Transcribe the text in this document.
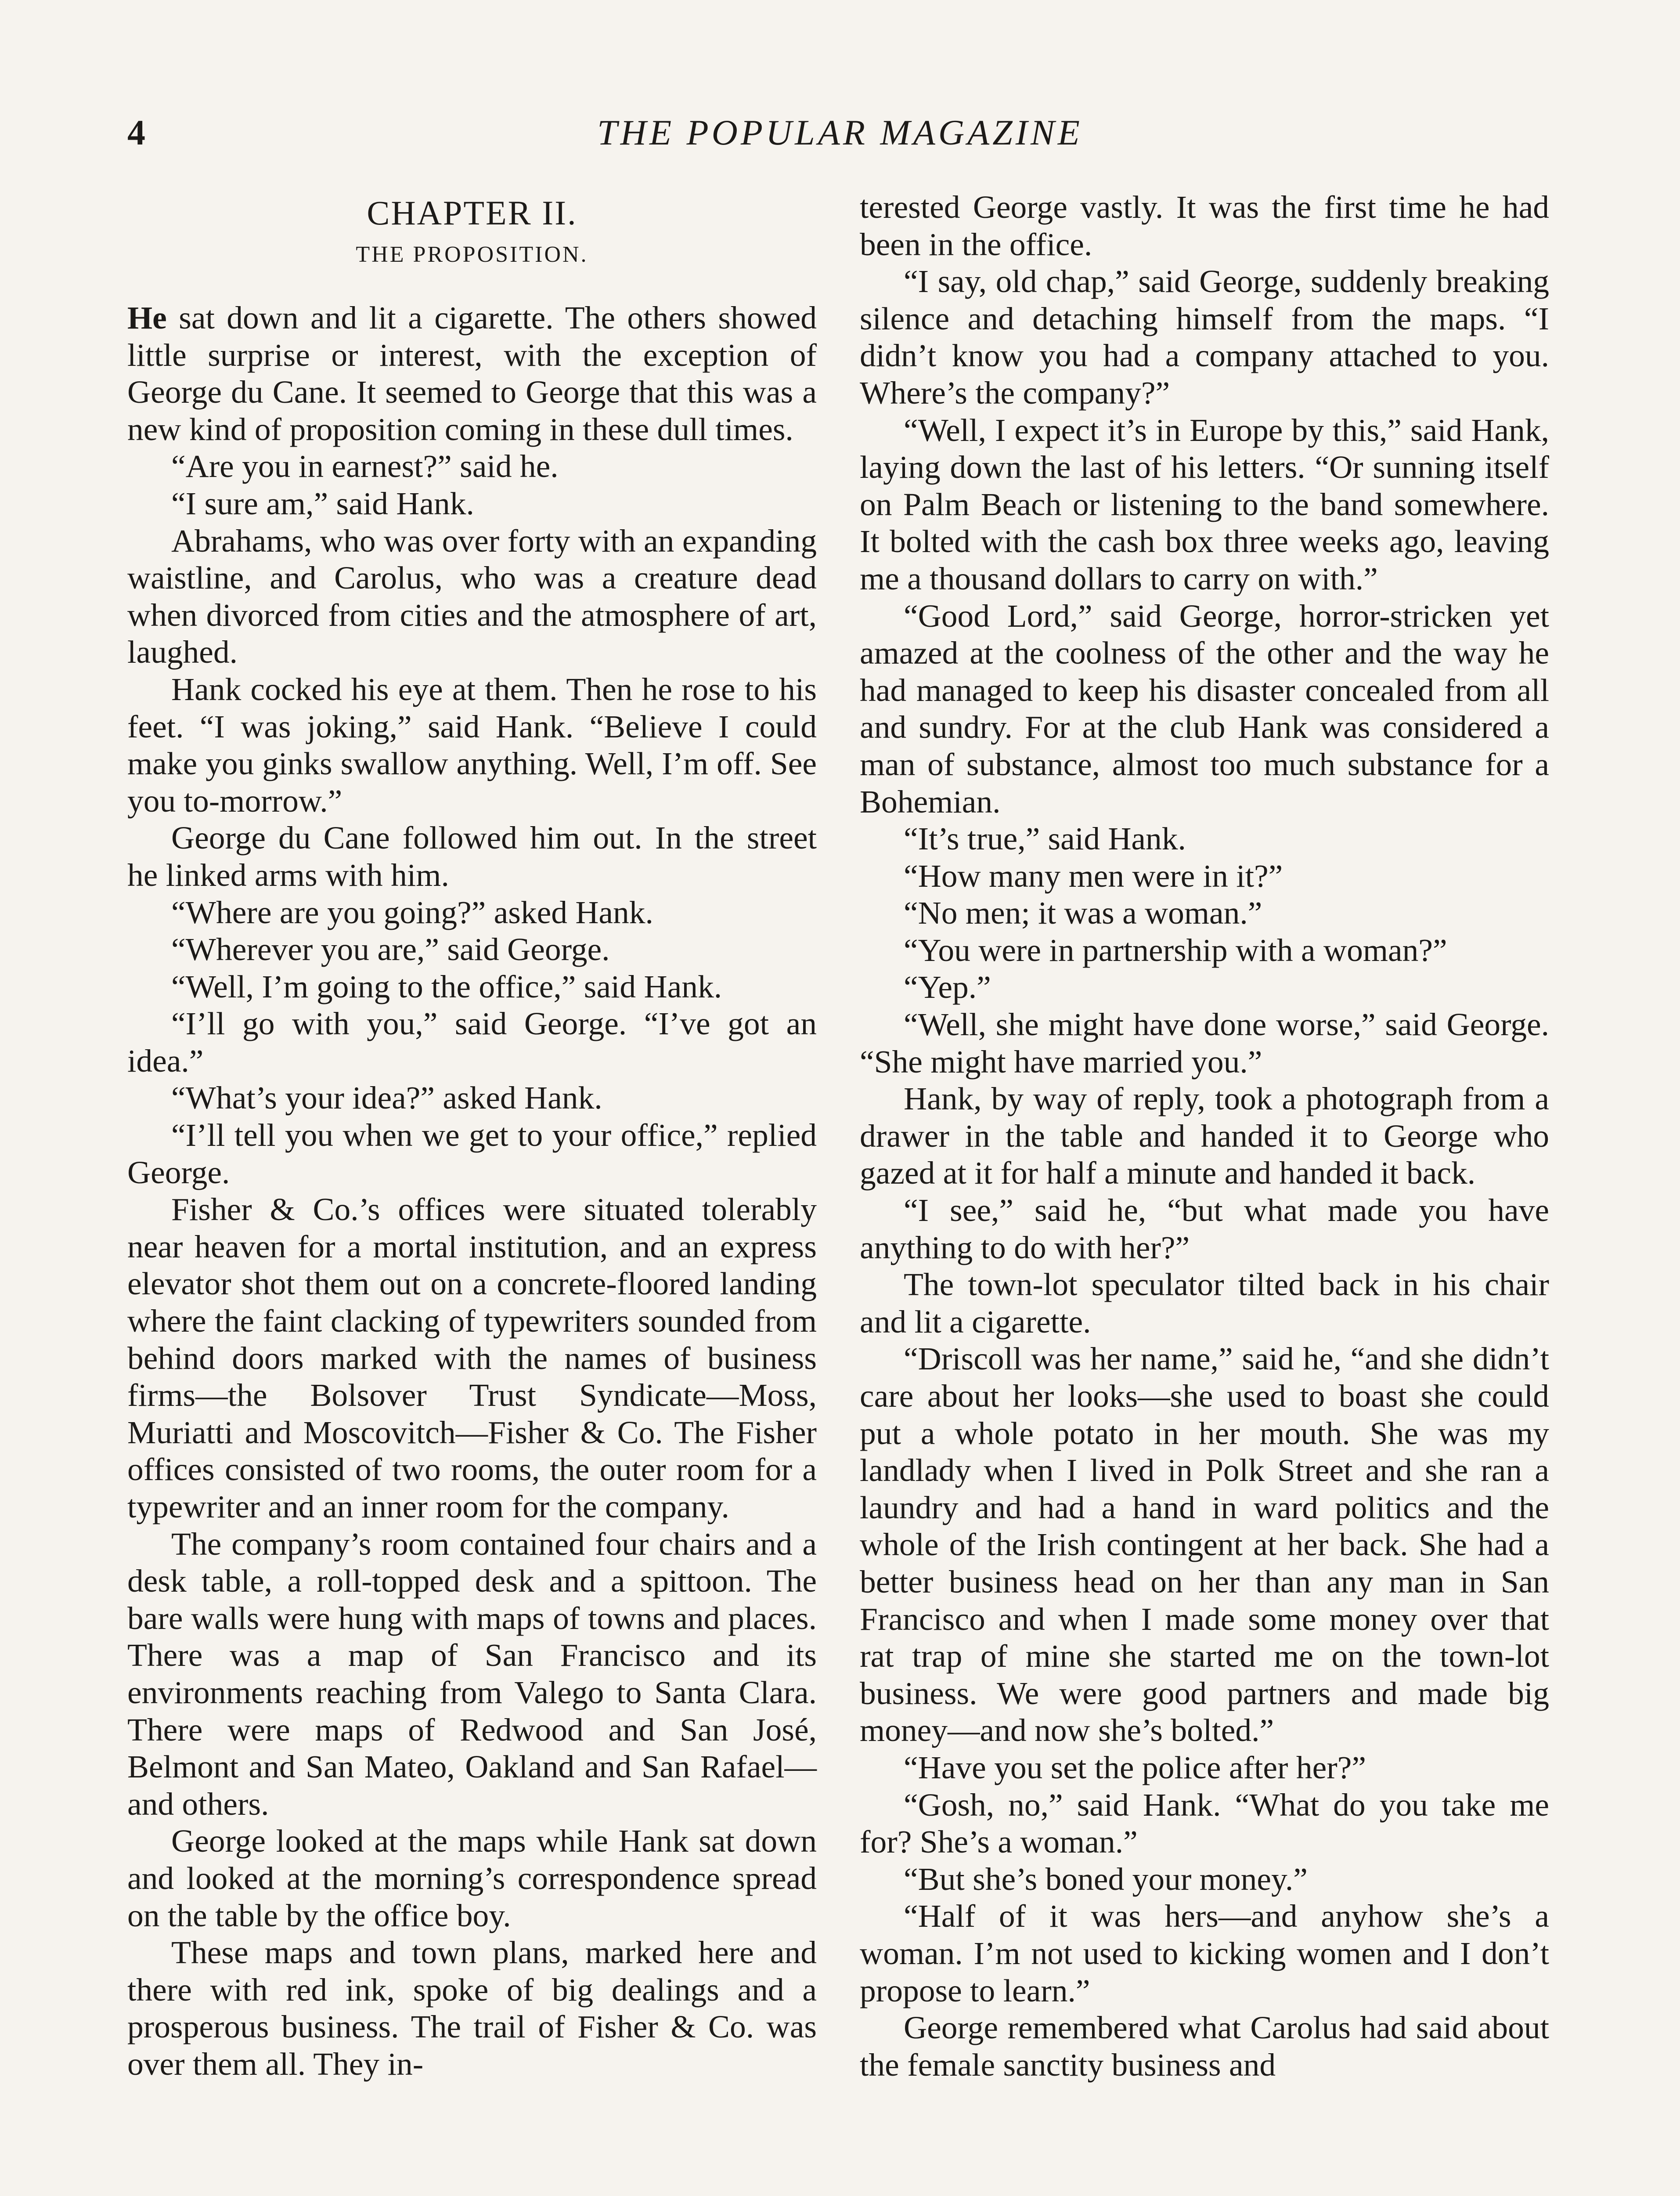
THE POPULAR MAGAZINE
4
CHAPTER II.
THE PROPOSITION.

He sat down and lit a cigarette. The others showed little surprise or interest, with the exception of George du Cane. It seemed to George that this was a new kind of proposition coming in these dull times.

“Are you in earnest?” said he.

“I sure am,” said Hank.

Abrahams, who was over forty with an expanding waistline, and Carolus, who was a creature dead when divorced from cities and the atmosphere of art, laughed.

Hank cocked his eye at them. Then he rose to his feet. “I was joking,” said Hank. “Believe I could make you ginks swallow anything. Well, I’m off. See you to-morrow.”

George du Cane followed him out. In the street he linked arms with him.

“Where are you going?” asked Hank.

“Wherever you are,” said George.

“Well, I’m going to the office,” said Hank.

“I’ll go with you,” said George. “I’ve got an idea.”

“What’s your idea?” asked Hank.

“I’ll tell you when we get to your office,” replied George.

Fisher & Co.’s offices were situated tolerably near heaven for a mortal institution, and an express elevator shot them out on a concrete-floored landing where the faint clacking of typewriters sounded from behind doors marked with the names of business firms—the Bolsover Trust Syndicate—Moss, Muriatti and Moscovitch—Fisher & Co. The Fisher offices consisted of two rooms, the outer room for a typewriter and an inner room for the company.

The company’s room contained four chairs and a desk table, a roll-topped desk and a spittoon. The bare walls were hung with maps of towns and places. There was a map of San Francisco and its environments reaching from Valego to Santa Clara. There were maps of Redwood and San José, Belmont and San Mateo, Oakland and San Rafael—and others.

George looked at the maps while Hank sat down and looked at the morning’s correspondence spread on the table by the office boy.

These maps and town plans, marked here and there with red ink, spoke of big dealings and a prosperous business. The trail of Fisher & Co. was over them all. They in-

terested George vastly. It was the first time he had been in the office.

“I say, old chap,” said George, suddenly breaking silence and detaching himself from the maps. “I didn’t know you had a company attached to you. Where’s the company?”

“Well, I expect it’s in Europe by this,” said Hank, laying down the last of his letters. “Or sunning itself on Palm Beach or listening to the band somewhere. It bolted with the cash box three weeks ago, leaving me a thousand dollars to carry on with.”

“Good Lord,” said George, horror-stricken yet amazed at the coolness of the other and the way he had managed to keep his disaster concealed from all and sundry. For at the club Hank was considered a man of substance, almost too much substance for a Bohemian.

“It’s true,” said Hank.

“How many men were in it?”

“No men; it was a woman.”

“You were in partnership with a woman?”

“Yep.”

“Well, she might have done worse,” said George. “She might have married you.”

Hank, by way of reply, took a photograph from a drawer in the table and handed it to George who gazed at it for half a minute and handed it back.

“I see,” said he, “but what made you have anything to do with her?”

The town-lot speculator tilted back in his chair and lit a cigarette.

“Driscoll was her name,” said he, “and she didn’t care about her looks—she used to boast she could put a whole potato in her mouth. She was my landlady when I lived in Polk Street and she ran a laundry and had a hand in ward politics and the whole of the Irish contingent at her back. She had a better business head on her than any man in San Francisco and when I made some money over that rat trap of mine she started me on the town-lot business. We were good partners and made big money—and now she’s bolted.”

“Have you set the police after her?”

“Gosh, no,” said Hank. “What do you take me for? She’s a woman.”

“But she’s boned your money.”

“Half of it was hers—and anyhow she’s a woman. I’m not used to kicking women and I don’t propose to learn.”

George remembered what Carolus had said about the female sanctity business and
